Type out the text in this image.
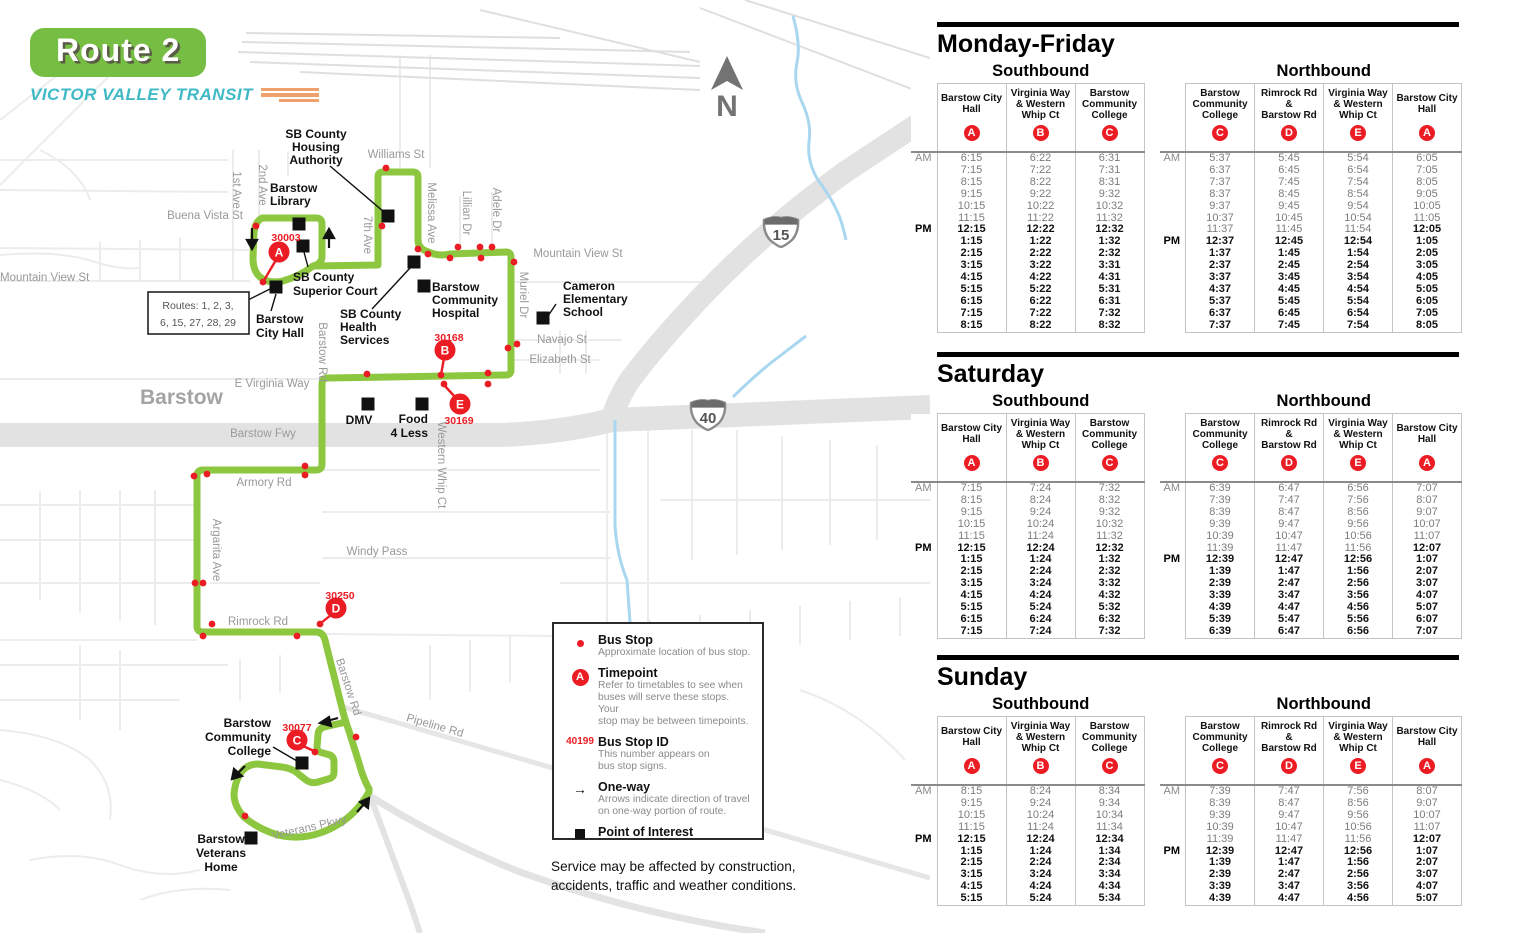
A
B
E
D
C
30003
30168
30169
30250
30077
Buena Vista St
1st Ave 2nd Ave
7th Ave
Williams St
Melissa Ave Lillian Dr Adele Dr
Mountain View St
Mountain View St
Muriel Dr
Navajo St
Elizabeth St
E Virginia Way
Barstow Fwy	Western Whip Ct
Armory Rd
Argarita Ave	Windy Pass
Rimrock Rd
Barstow Rd
Barstow Rd
Pipeline Rd
Veterans Pkwy
Barstow
SB County
Housing
Authority
Barstow
Library
SB County
Superior Court
Barstow
City Hall
SB County
Health
Services
Barstow
Community
Hospital
Cameron
Elementary
School
DMV Food
4 Less
Barstow
Community
College
Barstow
Veterans
Home
Routes: 1, 2, 3,
6, 15, 27, 28, 29
N
15
40
Route 2
VICTOR VALLEY TRANSIT
Bus Stop
Approximate location of bus stop.
A	Timepoint
Refer to timetables to see when
buses will serve these stops. Your
stop may be between timepoints.
40199 Bus Stop ID
This number appears on
bus stop signs.
→ One-way
Arrows indicate direction of travel
on one-way portion of route.
Point of Interest
Service may be affected by construction,
accidents, traffic and weather conditions.
Monday-Friday
Southbound

Barstow City
Hall
A

Virginia Way
& Western
Whip Ct
B

Barstow
Community
College
C

AM	6:15	6:22	6:31
	7:15	7:22	7:31
	8:15	8:22	8:31
	9:15	9:22	9:32
	10:15	10:22	10:32
	11:15	11:22	11:32
PM	12:15	12:22	12:32
	1:15	1:22	1:32
	2:15	2:22	2:32
	3:15	3:22	3:31
	4:15	4:22	4:31
	5:15	5:22	5:31
	6:15	6:22	6:31
	7:15	7:22	7:32
	8:15	8:22	8:32
Northbound

Barstow
Community
College
C

Rimrock Rd
&
Barstow Rd
D

Virginia Way
& Western
Whip Ct
E

Barstow City
Hall
A

AM	5:37	5:45	5:54	6:05
	6:37	6:45	6:54	7:05
	7:37	7:45	7:54	8:05
	8:37	8:45	8:54	9:05
	9:37	9:45	9:54	10:05
	10:37	10:45	10:54	11:05
	11:37	11:45	11:54	12:05
PM	12:37	12:45	12:54	1:05
	1:37	1:45	1:54	2:05
	2:37	2:45	2:54	3:05
	3:37	3:45	3:54	4:05
	4:37	4:45	4:54	5:05
	5:37	5:45	5:54	6:05
	6:37	6:45	6:54	7:05
	7:37	7:45	7:54	8:05
Saturday
Southbound

Barstow City
Hall
A

Virginia Way
& Western
Whip Ct
B

Barstow
Community
College
C

AM	7:15	7:24	7:32
	8:15	8:24	8:32
	9:15	9:24	9:32
	10:15	10:24	10:32
	11:15	11:24	11:32
PM	12:15	12:24	12:32
	1:15	1:24	1:32
	2:15	2:24	2:32
	3:15	3:24	3:32
	4:15	4:24	4:32
	5:15	5:24	5:32
	6:15	6:24	6:32
	7:15	7:24	7:32
Northbound

Barstow
Community
College
C

Rimrock Rd
&
Barstow Rd
D

Virginia Way
& Western
Whip Ct
E

Barstow City
Hall
A

AM	6:39	6:47	6:56	7:07
	7:39	7:47	7:56	8:07
	8:39	8:47	8:56	9:07
	9:39	9:47	9:56	10:07
	10:39	10:47	10:56	11:07
	11:39	11:47	11:56	12:07
PM	12:39	12:47	12:56	1:07
	1:39	1:47	1:56	2:07
	2:39	2:47	2:56	3:07
	3:39	3:47	3:56	4:07
	4:39	4:47	4:56	5:07
	5:39	5:47	5:56	6:07
	6:39	6:47	6:56	7:07
Sunday
Southbound

Barstow City
Hall
A

Virginia Way
& Western
Whip Ct
B

Barstow
Community
College
C

AM	8:15	8:24	8:34
	9:15	9:24	9:34
	10:15	10:24	10:34
	11:15	11:24	11:34
PM	12:15	12:24	12:34
	1:15	1:24	1:34
	2:15	2:24	2:34
	3:15	3:24	3:34
	4:15	4:24	4:34
	5:15	5:24	5:34
Northbound

Barstow
Community
College
C

Rimrock Rd
&
Barstow Rd
D

Virginia Way
& Western
Whip Ct
E

Barstow City
Hall
A

AM	7:39	7:47	7:56	8:07
	8:39	8:47	8:56	9:07
	9:39	9:47	9:56	10:07
	10:39	10:47	10:56	11:07
	11:39	11:47	11:56	12:07
PM	12:39	12:47	12:56	1:07
	1:39	1:47	1:56	2:07
	2:39	2:47	2:56	3:07
	3:39	3:47	3:56	4:07
	4:39	4:47	4:56	5:07
